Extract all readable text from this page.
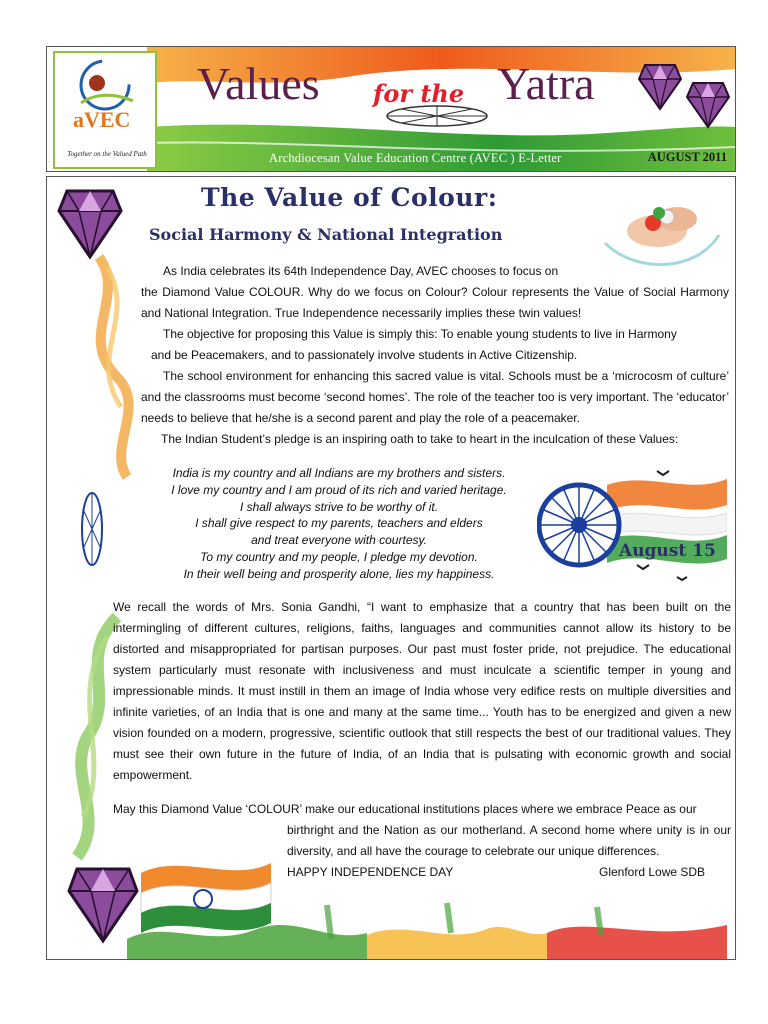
aVEC
Together on the Valued Path
Values for the Yatra
Archdiocesan Value Education Centre (AVEC ) E-Letter	AUGUST 2011
The Value of Colour:
Social Harmony & National Integration

As India celebrates its 64th Independence Day, AVEC chooses to focus on

the Diamond Value COLOUR. Why do we focus on Colour? Colour represents the Value of Social Harmony and National Integration. True Independence necessarily implies these twin values!

The objective for proposing this Value is simply this: To enable young students to live in Harmony

and be Peacemakers, and to passionately involve students in Active Citizenship.

The school environment for enhancing this sacred value is vital. Schools must be a ‘microcosm of culture’ and the classrooms must become ‘second homes’. The role of the teacher too is very important. The ‘educator’ needs to believe that he/she is a second parent and play the role of a peacemaker.

The Indian Student’s pledge is an inspiring oath to take to heart in the inculcation of these Values:

India is my country and all Indians are my brothers and sisters.
I love my country and I am proud of its rich and varied heritage.
I shall always strive to be worthy of it.
I shall give respect to my parents, teachers and elders
and treat everyone with courtesy.
To my country and my people, I pledge my devotion.
In their well being and prosperity alone, lies my happiness.
August 15

We recall the words of Mrs. Sonia Gandhi, “I want to emphasize that a country that has been built on the intermingling of different cultures, religions, faiths, languages and communities cannot allow its history to be distorted and misappropriated for partisan purposes. Our past must foster pride, not prejudice. The educational system particularly must resonate with inclusiveness and must inculcate a scientific temper in young and impressionable minds. It must instill in them an image of India whose very edifice rests on multiple diversities and infinite varieties, of an India that is one and many at the same time... Youth has to be energized and given a new vision founded on a modern, progressive, scientific outlook that still respects the best of our traditional values. They must see their own future in the future of India, of an India that is pulsating with economic growth and social empowerment.

May this Diamond Value ‘COLOUR’ make our educational institutions places where we embrace Peace as our

birthright and the Nation as our motherland. A second home where unity is in our diversity, and all have the courage to celebrate our unique differences.

HAPPY INDEPENDENCE DAY	Glenford Lowe SDB
